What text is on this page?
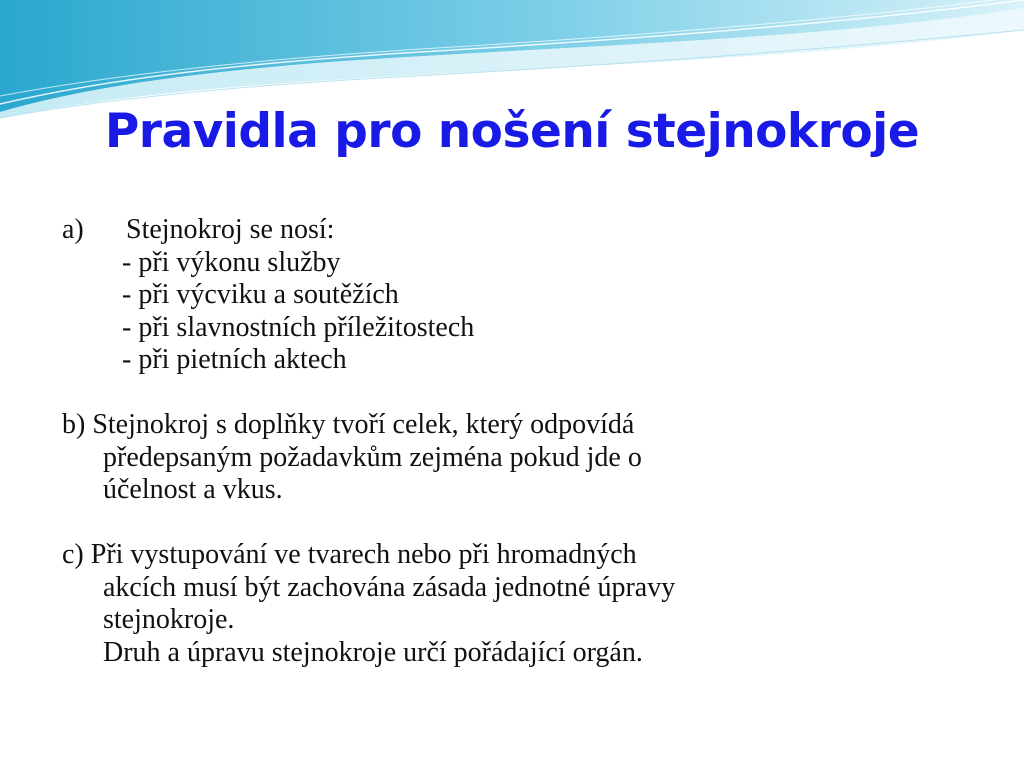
Pravidla pro nošení stejnokroje
a) Stejnokroj se nosí:
- při výkonu služby
- při výcviku a soutěžích
- při slavnostních příležitostech
- při pietních aktech
b) Stejnokroj s doplňky tvoří celek, který odpovídá
předepsaným požadavkům zejména pokud jde o
účelnost a vkus.
c) Při vystupování ve tvarech nebo při hromadných
akcích musí být zachována zásada jednotné úpravy
stejnokroje.
Druh a úpravu stejnokroje určí pořádající orgán.
